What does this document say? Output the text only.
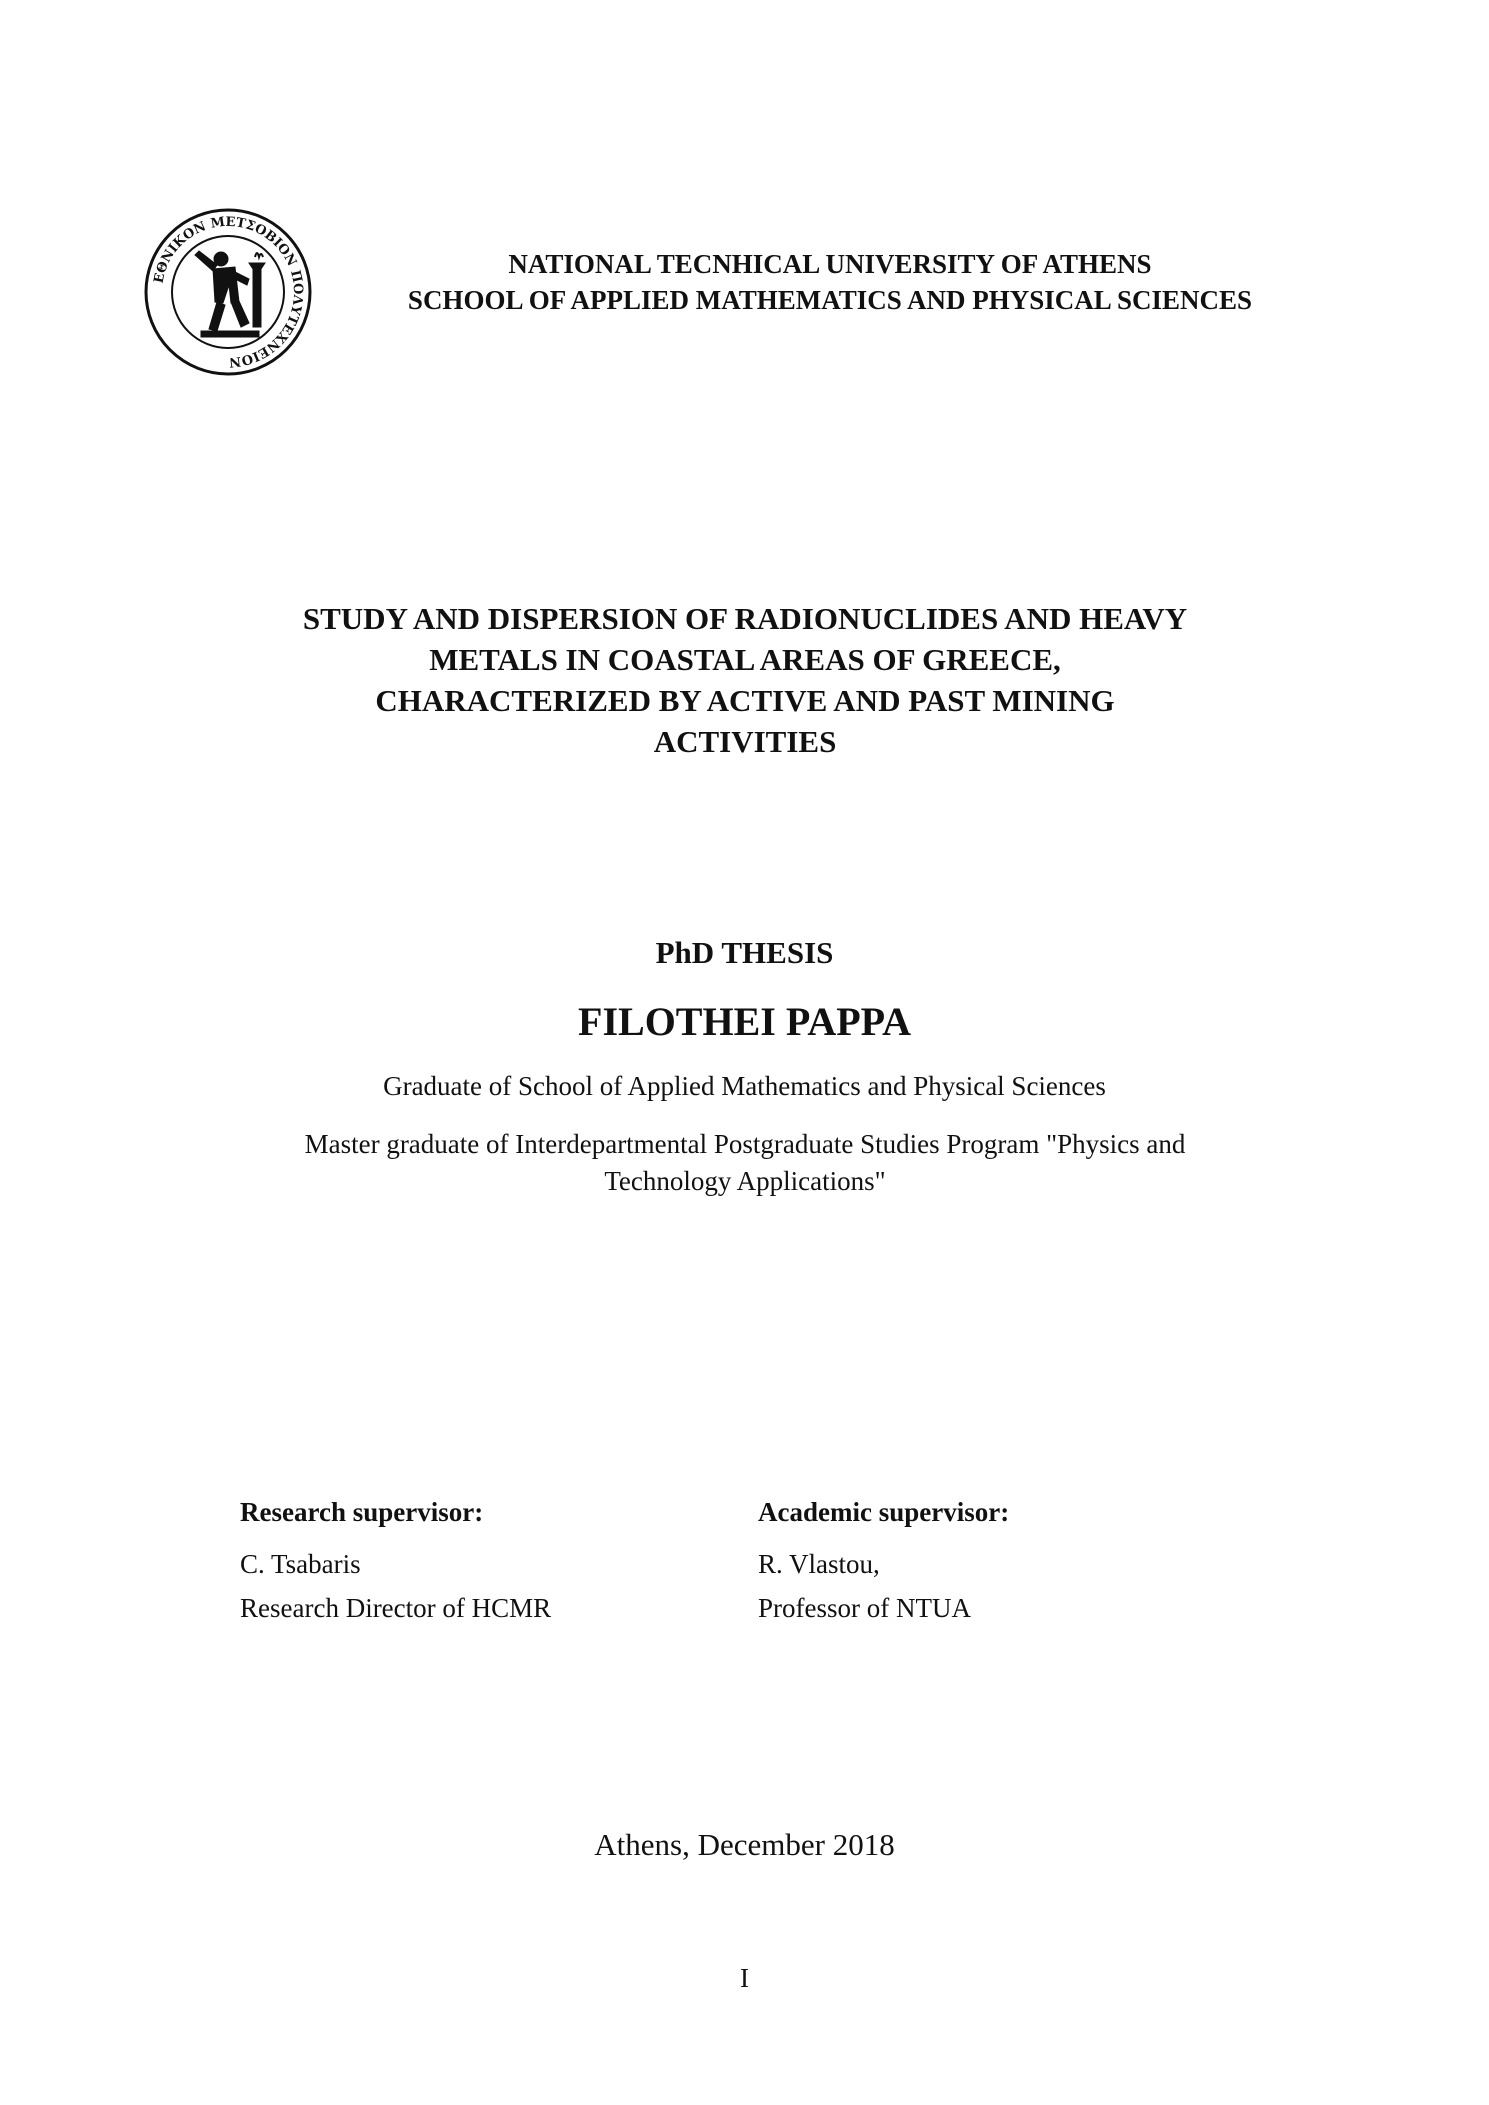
ΕΘΝΙΚΟΝ ΜΕΤΣΟΒΙΟΝ ΠΟΛΥΤΕΧΝΕΙΟΝ
NATIONAL TECNHICAL UNIVERSITY OF ATHENS
SCHOOL OF APPLIED MATHEMATICS AND PHYSICAL SCIENCES
STUDY AND DISPERSION OF RADIONUCLIDES AND HEAVY
METALS IN COASTAL AREAS OF GREECE,
CHARACTERIZED BY ACTIVE AND PAST MINING
ACTIVITIES
PhD THESIS
FILOTHEI PAPPA
Graduate of School of Applied Mathematics and Physical Sciences
Master graduate of Interdepartmental Postgraduate Studies Program "Physics and
Technology Applications"
Research supervisor:
C. Tsabaris
Research Director of HCMR
Academic supervisor:
R. Vlastou,
Professor of NTUA
Athens, December 2018
I
